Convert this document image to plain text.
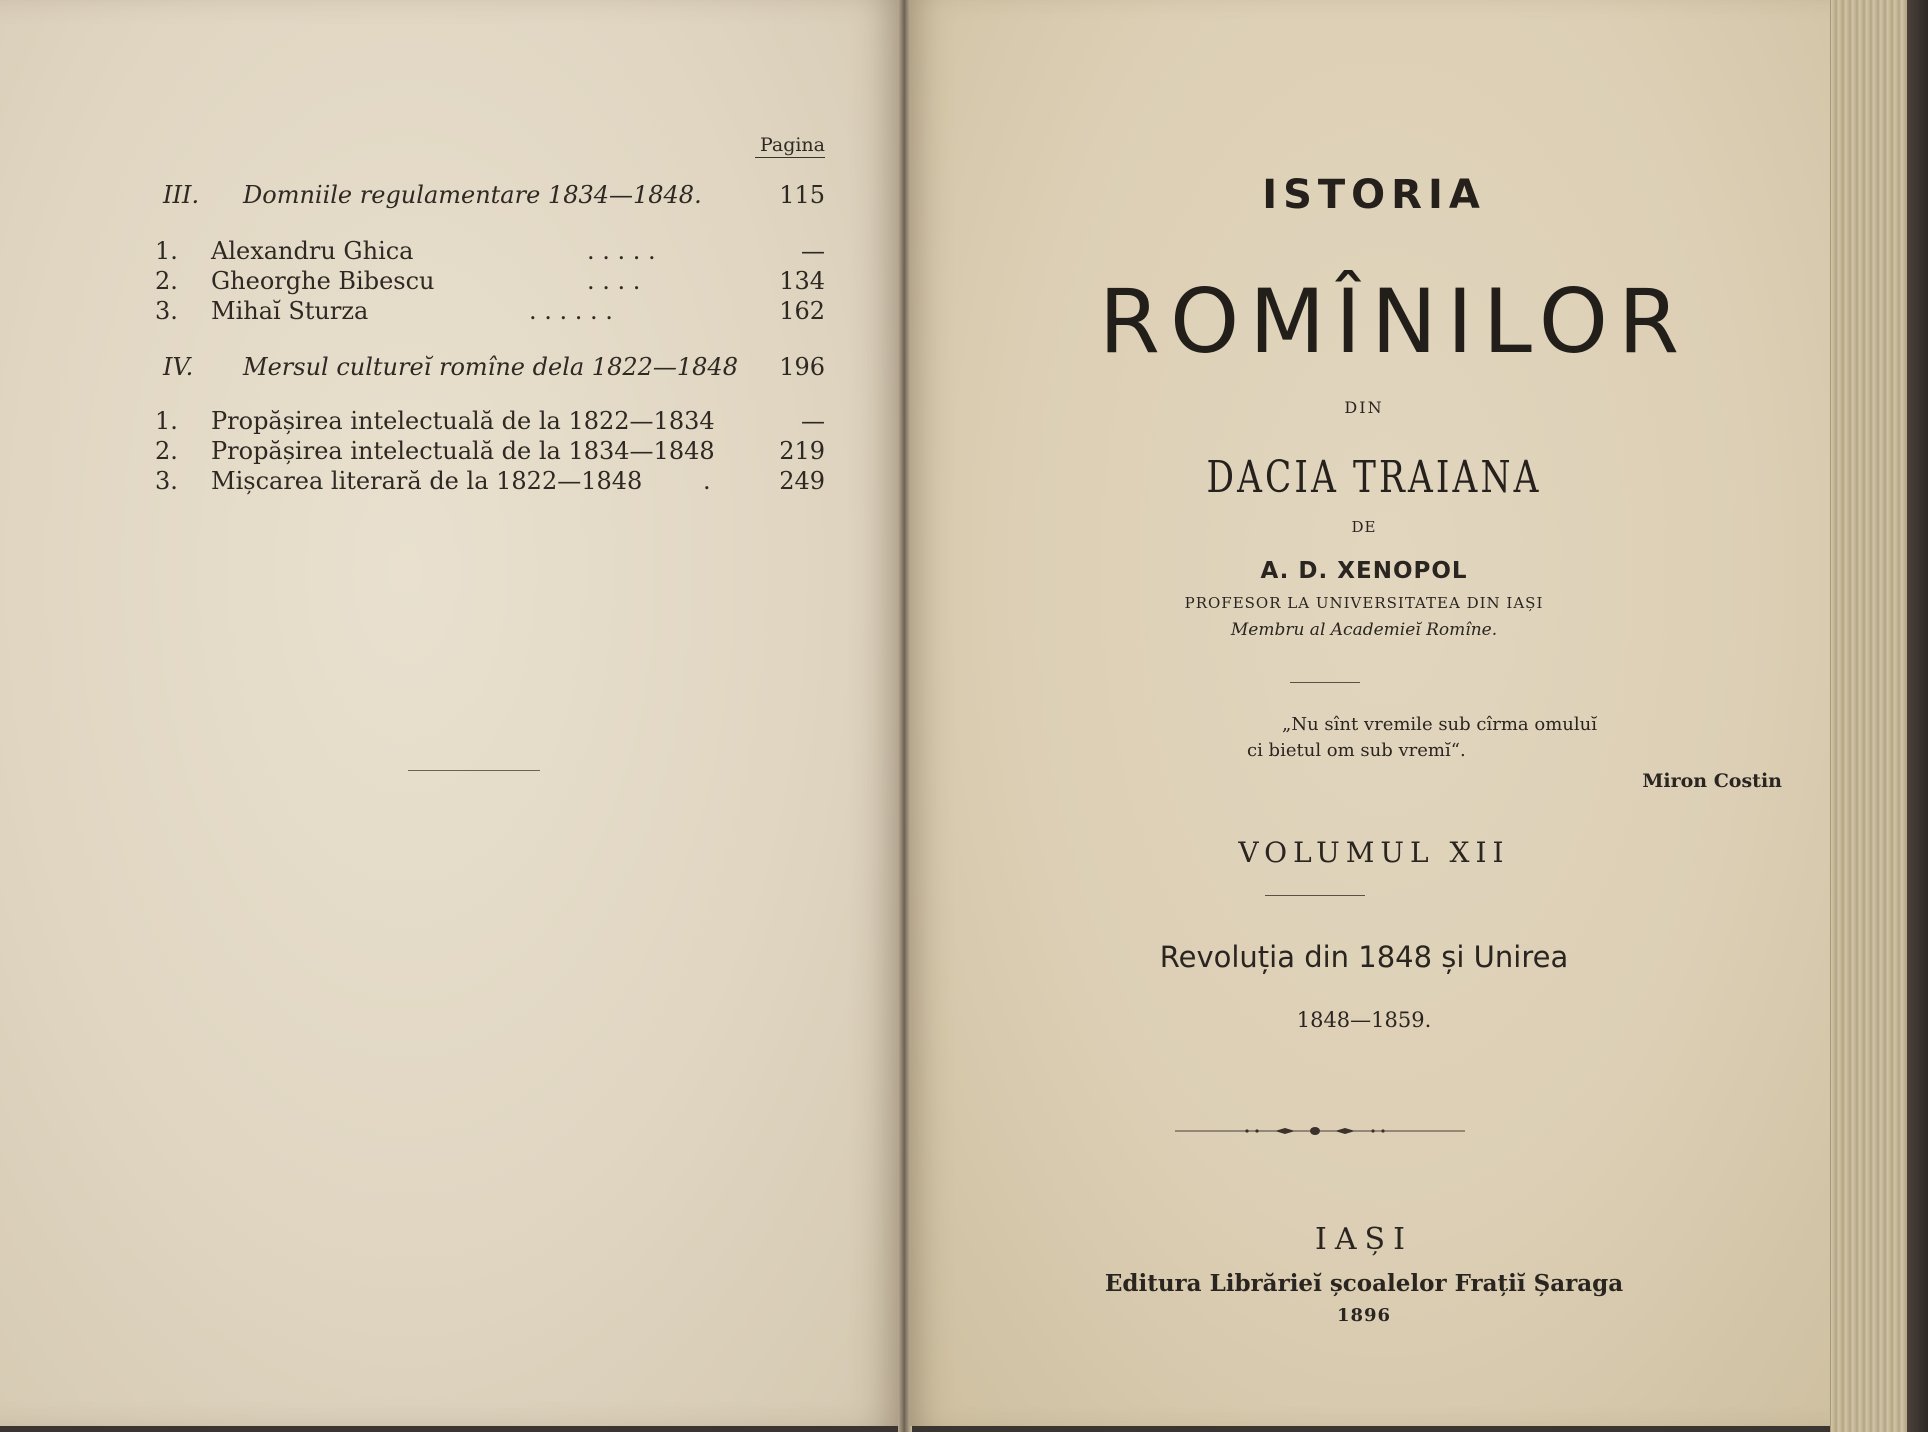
Pagina
III. Domniile regulamentare 1834—1848.	115
1. Alexandru Ghica	. . . . .	—
2. Gheorghe Bibescu	. . . .	134
3. Mihaĭ Sturza	. . . . . .	162
IV. Mersul cultureĭ romîne dela 1822—1848 196
1. Propășirea intelectuală de la 1822—1834	—
2. Propășirea intelectuală de la 1834—1848	219
3. Mișcarea literară de la 1822—1848	.	249
ISTORIA
ROMÎNILOR
DIN
DACIA TRAIANA
DE
A. D. XENOPOL
PROFESOR LA UNIVERSITATEA DIN IAȘI
Membru al Academieĭ Romîne.
„Nu sînt vremile sub cîrma omuluĭ
ci bietul om sub vremĭ“.
Miron Costin
VOLUMUL XII
Revoluția din 1848 și Unirea
1848—1859.
IAȘI
Editura Librărieĭ școalelor Frațiĭ Șaraga
1896
